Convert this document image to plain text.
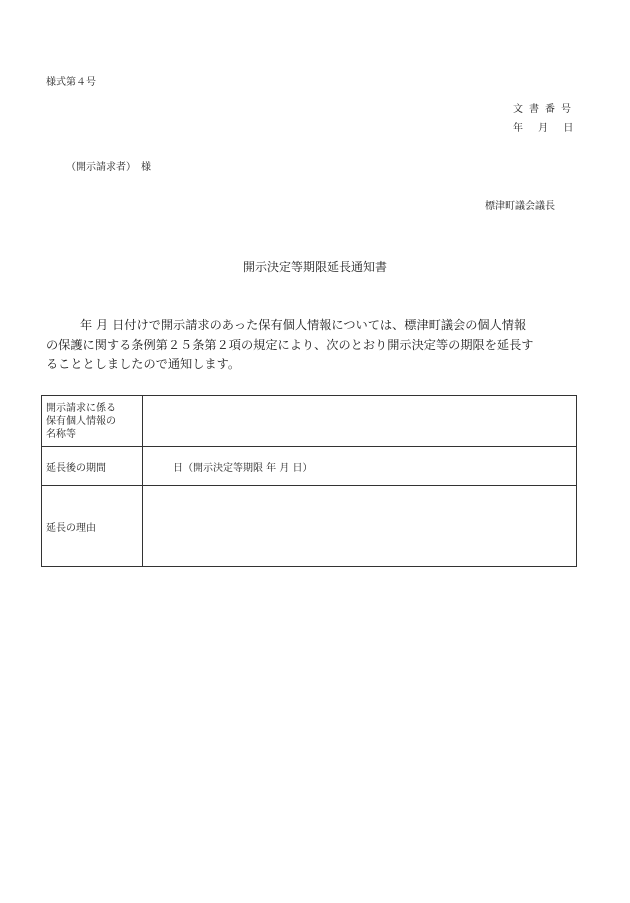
様式第４号
文書番号
年 月 日
（開示請求者）　様
標津町議会議長
開示決定等期限延長通知書
年 月 日付けで開示請求のあった保有個人情報については、標津町議会の個人情報
の保護に関する条例第２５条第２項の規定により、次のとおり開示決定等の期限を延長す
ることとしましたので通知します。
開示請求に係る保有個人情報の名称等	

延長後の期間	日（開示決定等期限 年 月 日）
延長の理由	
